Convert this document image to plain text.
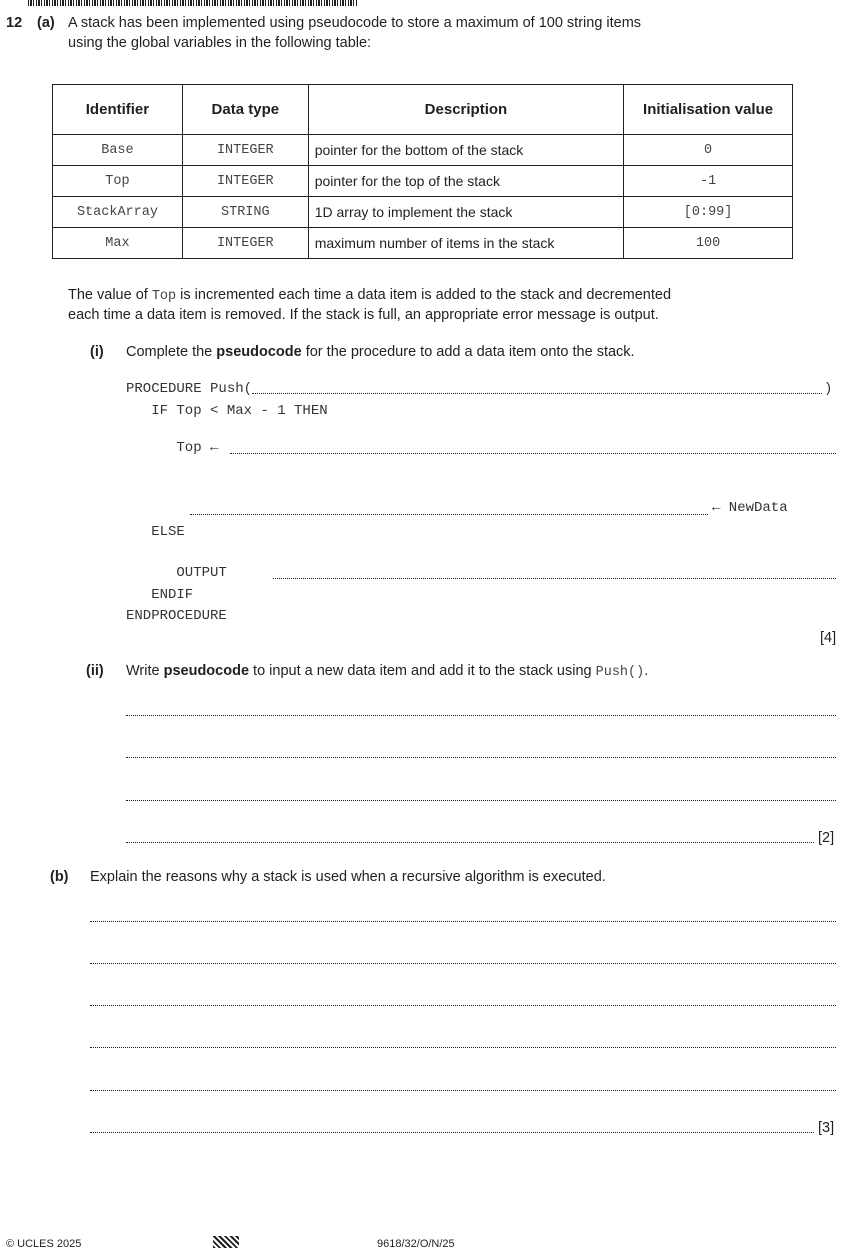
12 (a) A stack has been implemented using pseudocode to store a maximum of 100 string items
using the global variables in the following table:
Identifier	Data type	Description	Initialisation value
Base	INTEGER	pointer for the bottom of the stack	0
Top	INTEGER	pointer for the top of the stack	-1
StackArray	STRING	1D array to implement the stack	[0:99]
Max	INTEGER	maximum number of items in the stack	100
The value of Top is incremented each time a data item is added to the stack and decremented
each time a data item is removed. If the stack is full, an appropriate error message is output.
(i) Complete the pseudocode for the procedure to add a data item onto the stack.
PROCEDURE Push(	)
IF Top < Max - 1 THEN
Top ←
← NewData
ELSE
OUTPUT
ENDIF
ENDPROCEDURE
[4]
(ii) Write pseudocode to input a new data item and add it to the stack using Push().
[2]
(b) Explain the reasons why a stack is used when a recursive algorithm is executed.
[3]
© UCLES 2025	9618/32/O/N/25
